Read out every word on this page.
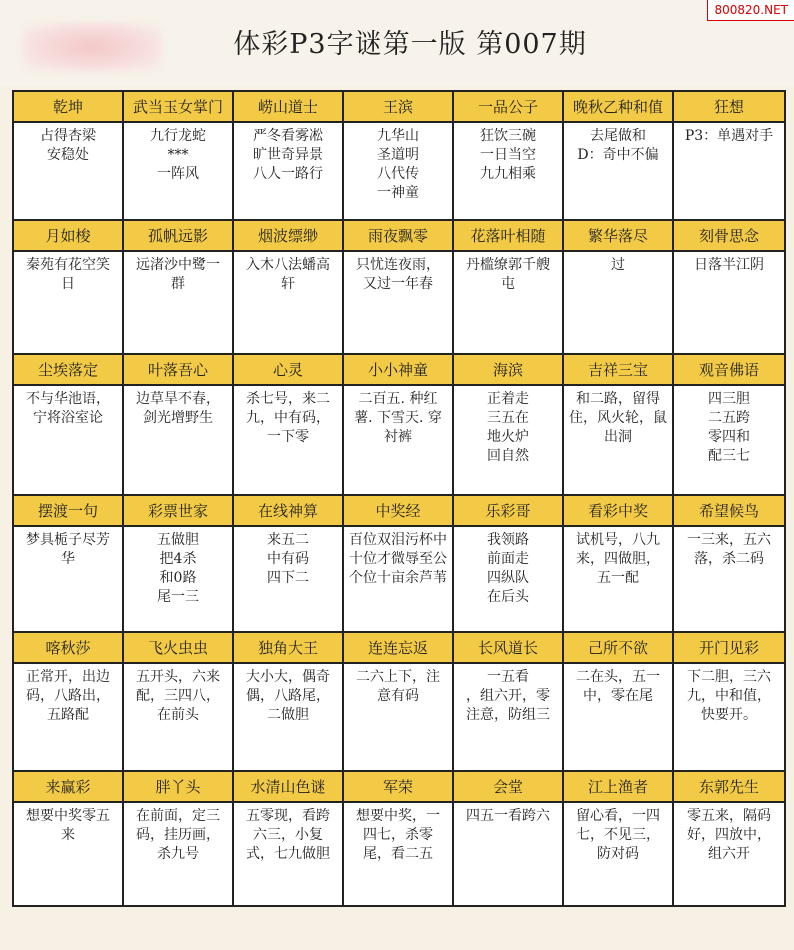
体彩P3字谜第一版 第007期
800820.NET
乾坤
占得杏梁
安稳处
武当玉女掌门
九行龙蛇
***
一阵风
崂山道士
严冬看雾凇
旷世奇异景
八人一路行
王滨
九华山
圣道明
八代传
一神童
一品公子
狂饮三碗
一日当空
九九相乘
晚秋乙种和值
去尾做和
D：奇中不偏
狂想
P3：单遇对手
月如梭
秦苑有花空笑
日
孤帆远影
远渚沙中鹭一
群
烟波缥缈
入木八法蟠高
轩
雨夜飘零
只忧连夜雨，
又过一年春
花落叶相随
丹槛缭郭千艘
屯
繁华落尽
过
刻骨思念
日落半江阴
尘埃落定
不与华池语，
宁将浴室论
叶落吾心
边草旱不春，
剑光增野生
心灵
杀七号，来二
九，中有码，
一下零
小小神童
二百五. 种红
薯. 下雪天. 穿
衬裤
海滨
正着走
三五在
地火炉
回自然
吉祥三宝
和二路，留得
住，风火轮，鼠
出洞
观音佛语
四三胆
二五跨
零四和
配三七
摆渡一句
梦具栀子尽芳
华
彩票世家
五做胆
把4杀
和0路
尾一三
在线神算
来五二
中有码
四下二
中奖经
百位双泪污杯中
十位才微辱至公
个位十亩余芦苇
乐彩哥
我领路
前面走
四纵队
在后头
看彩中奖
试机号，八九
来，四做胆，
五一配
希望候鸟
一三来，五六
落，杀二码
喀秋莎
正常开，出边
码，八路出，
五路配
飞火虫虫
五开头，六来
配，三四八，
在前头
独角大王
大小大，偶奇
偶，八路尾，
二做胆
连连忘返
二六上下，注
意有码
长风道长
一五看
，组六开，零
注意，防组三
己所不欲
二在头，五一
中，零在尾
开门见彩
下二胆，三六
九，中和值，
快要开。
来赢彩
想要中奖零五
来
胖丫头
在前面，定三
码，挂历画，
杀九号
水清山色谜
五零现，看跨
六三，小复
式，七九做胆
军荣
想要中奖，一
四七，杀零
尾，看二五
会堂
四五一看跨六
江上渔者
留心看，一四
七，不见三，
防对码
东郭先生
零五来，隔码
好，四放中，
组六开
